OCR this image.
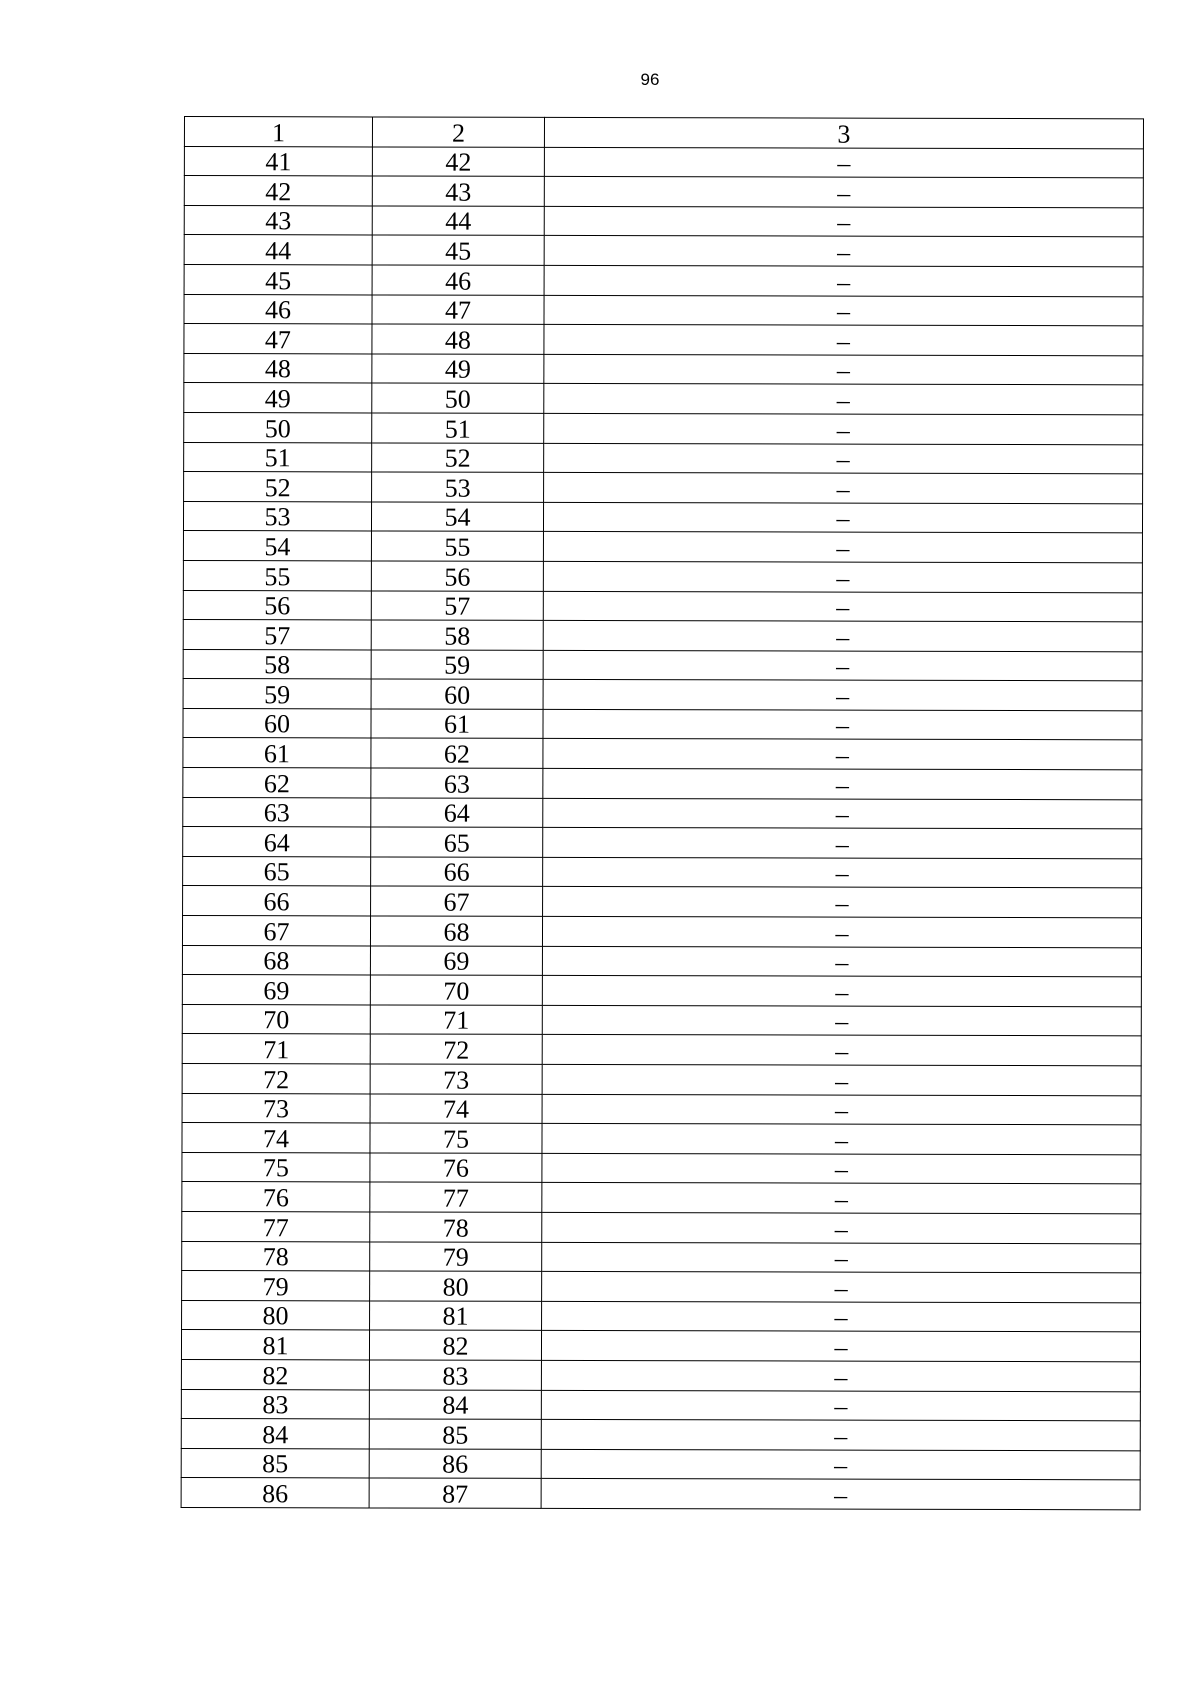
96
1	2	3
41	42	–
42	43	–
43	44	–
44	45	–
45	46	–
46	47	–
47	48	–
48	49	–
49	50	–
50	51	–
51	52	–
52	53	–
53	54	–
54	55	–
55	56	–
56	57	–
57	58	–
58	59	–
59	60	–
60	61	–
61	62	–
62	63	–
63	64	–
64	65	–
65	66	–
66	67	–
67	68	–
68	69	–
69	70	–
70	71	–
71	72	–
72	73	–
73	74	–
74	75	–
75	76	–
76	77	–
77	78	–
78	79	–
79	80	–
80	81	–
81	82	–
82	83	–
83	84	–
84	85	–
85	86	–
86	87	–
